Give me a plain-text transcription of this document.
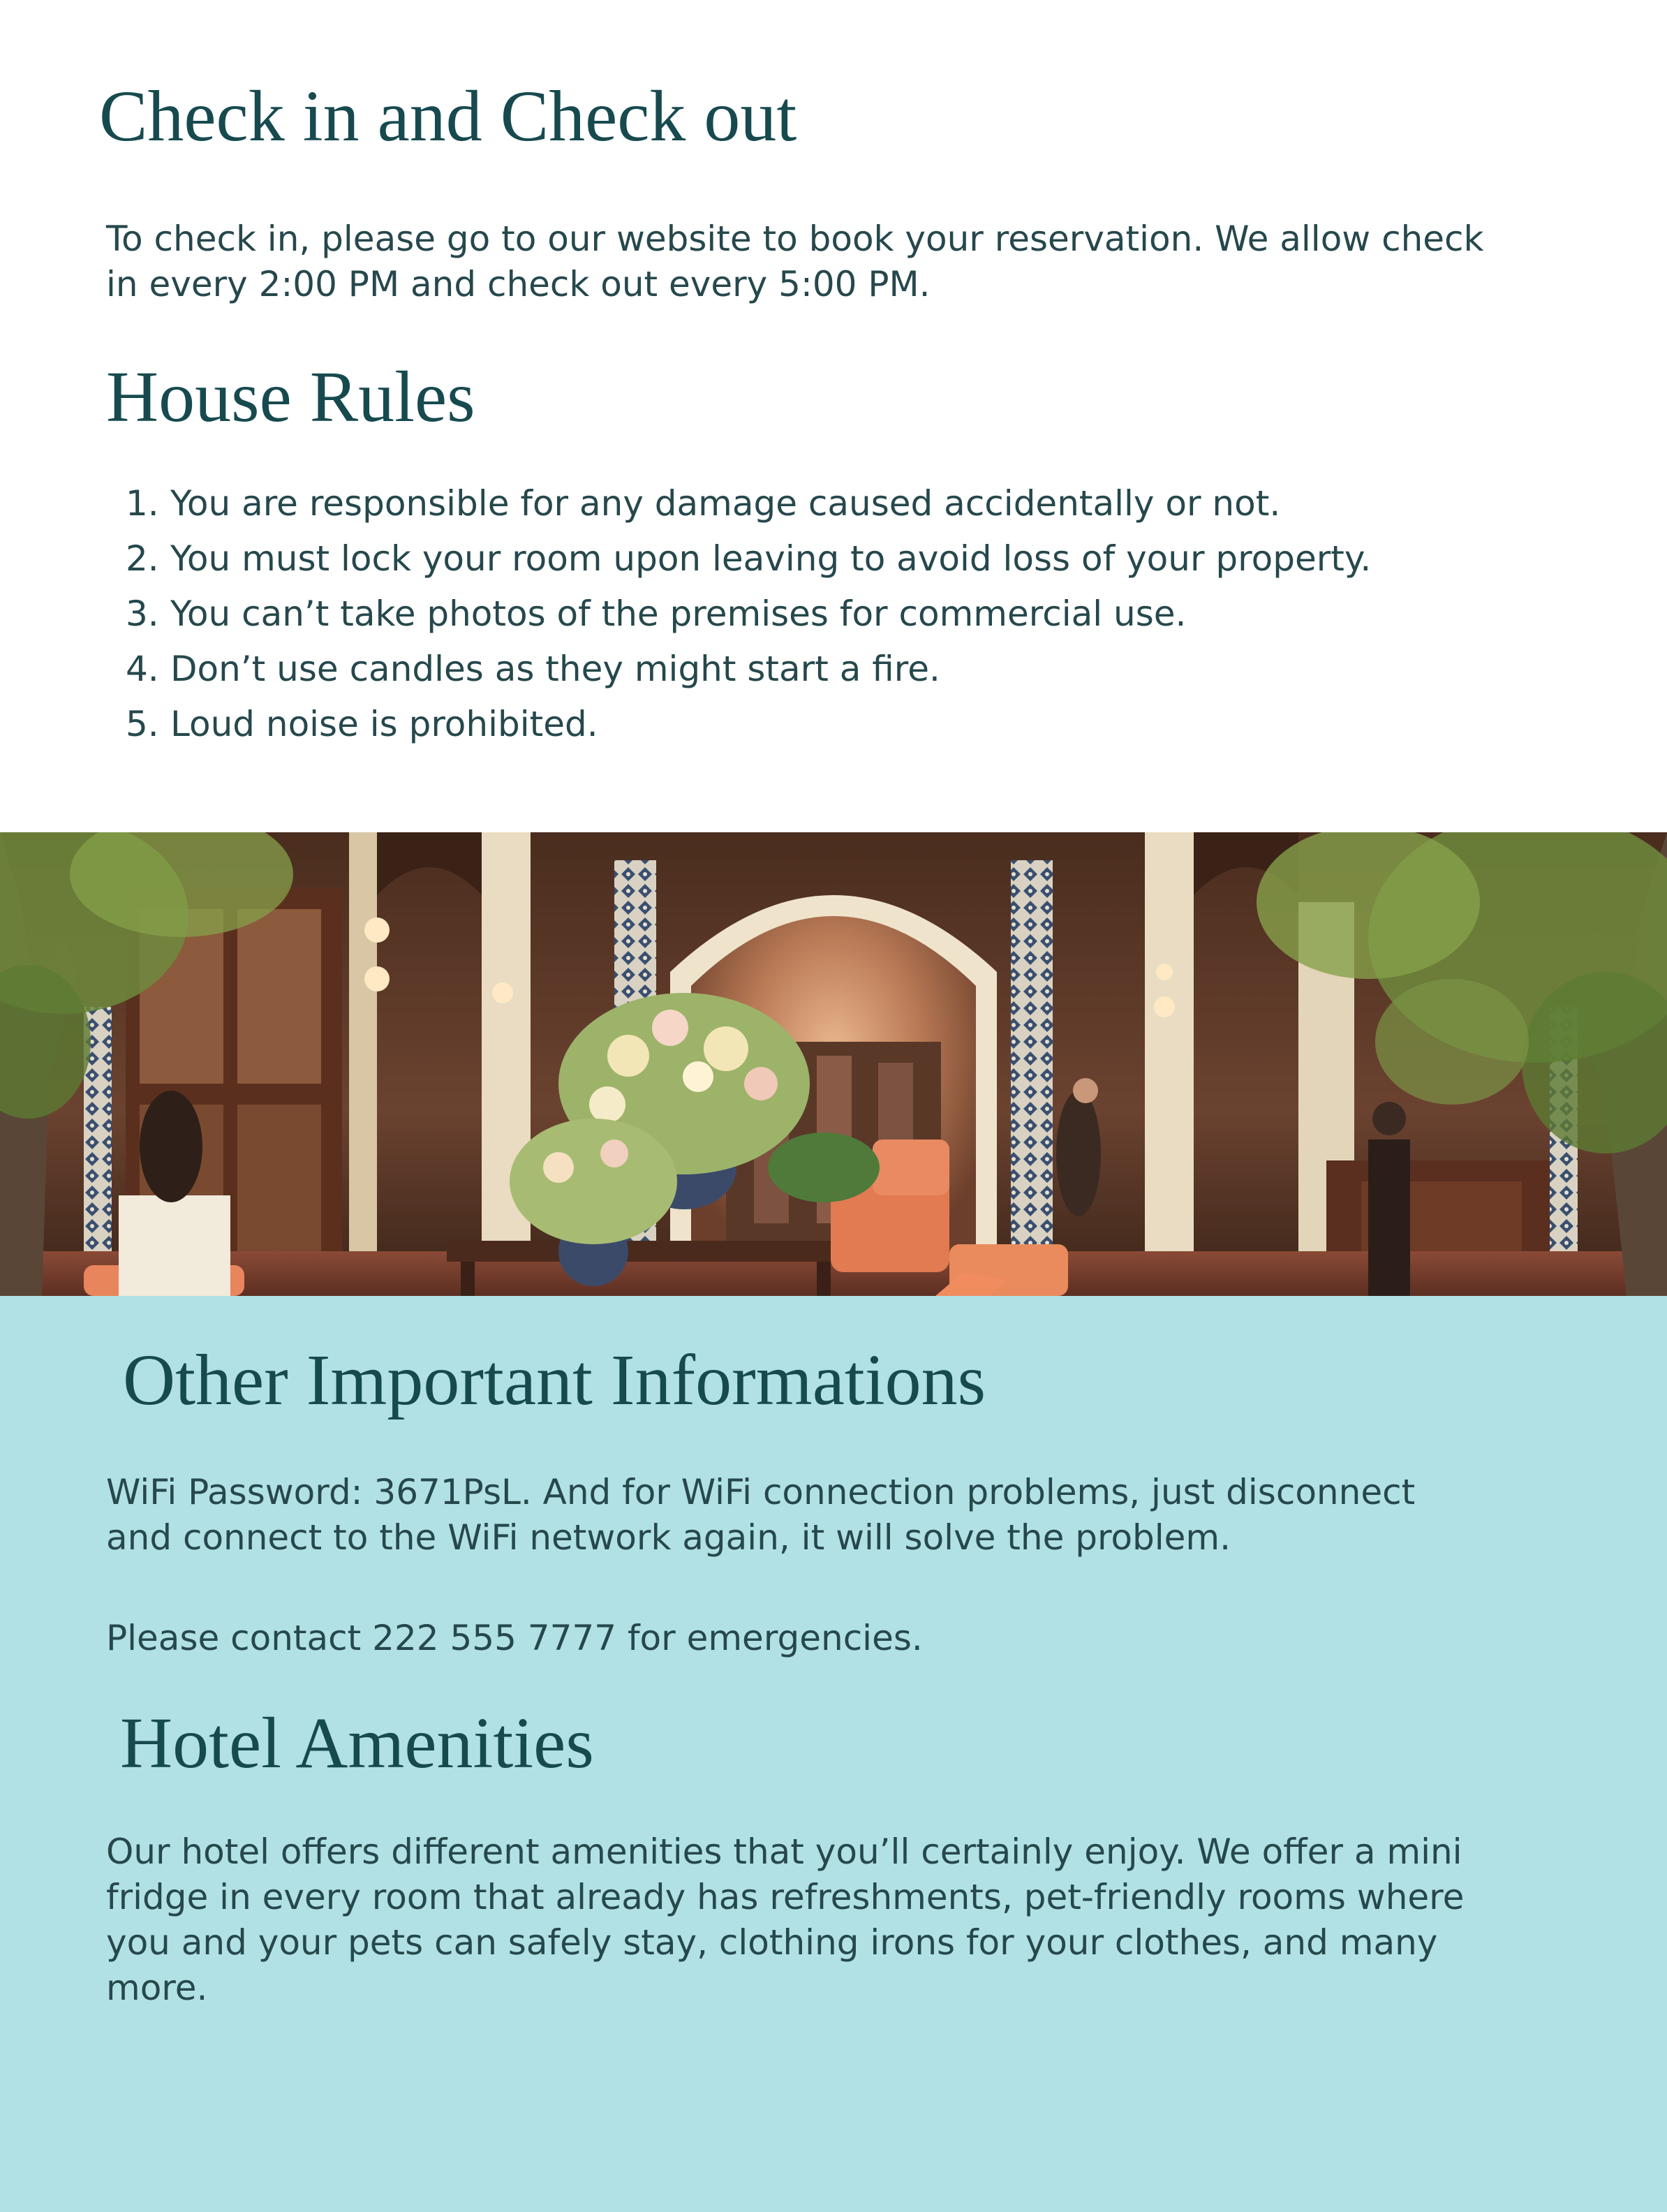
Check in and Check out

To check in, please go to our website to book your reservation. We allow check in every 2:00 PM and check out every 5:00 PM.

House Rules
1. You are responsible for any damage caused accidentally or not.
2. You must lock your room upon leaving to avoid loss of your property.
3. You can’t take photos of the premises for commercial use.
4. Don’t use candles as they might start a fire.
5. Loud noise is prohibited.
Other Important Informations

WiFi Password: 3671PsL. And for WiFi connection problems, just disconnect and connect to the WiFi network again, it will solve the problem.

Please contact 222 555 7777 for emergencies.

Hotel Amenities

Our hotel offers different amenities that you’ll certainly enjoy. We offer a mini fridge in every room that already has refreshments, pet-friendly rooms where you and your pets can safely stay, clothing irons for your clothes, and many more.
